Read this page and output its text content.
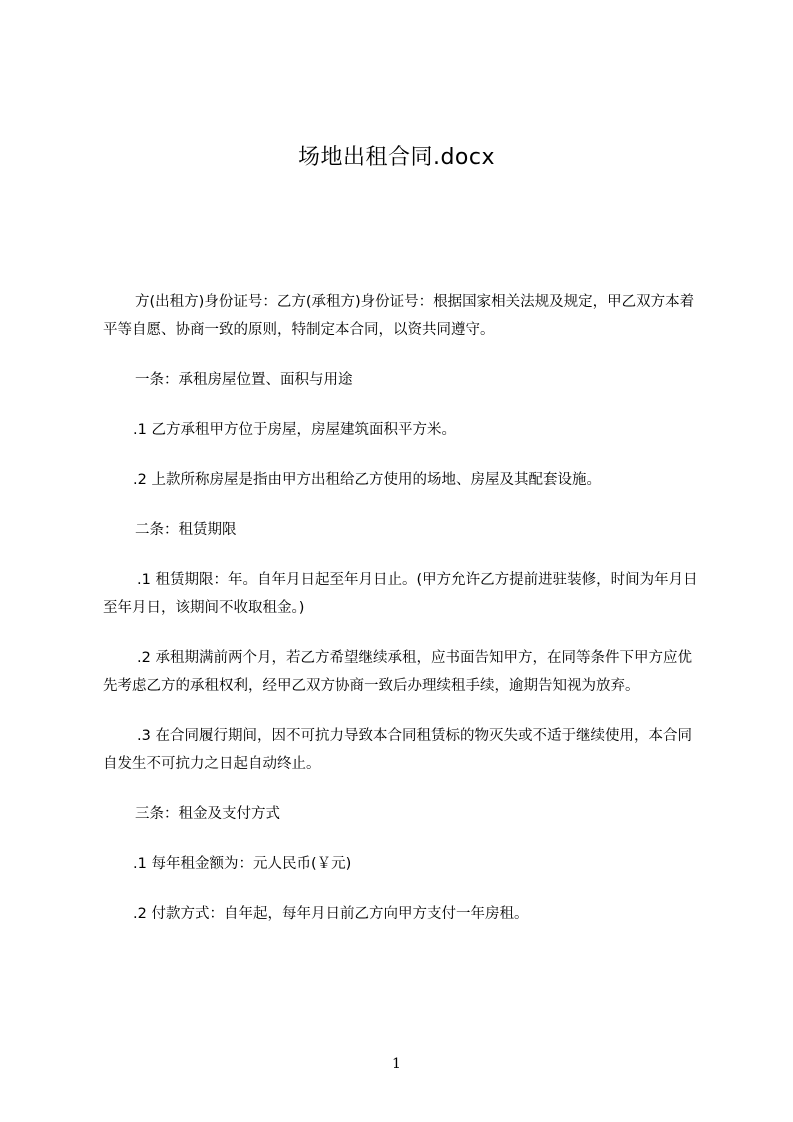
场地出租合同.docx

方(出租方)身份证号：乙方(承租方)身份证号：根据国家相关法规及规定，甲乙双方本着平等自愿、协商一致的原则，特制定本合同，以资共同遵守。

一条：承租房屋位置、面积与用途

.1 乙方承租甲方位于房屋，房屋建筑面积平方米。

.2 上款所称房屋是指由甲方出租给乙方使用的场地、房屋及其配套设施。

二条：租赁期限

.1 租赁期限：年。自年月日起至年月日止。(甲方允许乙方提前进驻装修，时间为年月日至年月日，该期间不收取租金。)

.2 承租期满前两个月，若乙方希望继续承租，应书面告知甲方，在同等条件下甲方应优先考虑乙方的承租权利，经甲乙双方协商一致后办理续租手续，逾期告知视为放弃。

.3 在合同履行期间，因不可抗力导致本合同租赁标的物灭失或不适于继续使用，本合同自发生不可抗力之日起自动终止。

三条：租金及支付方式

.1 每年租金额为：元人民币(￥元)

.2 付款方式：自年起，每年月日前乙方向甲方支付一年房租。

1
